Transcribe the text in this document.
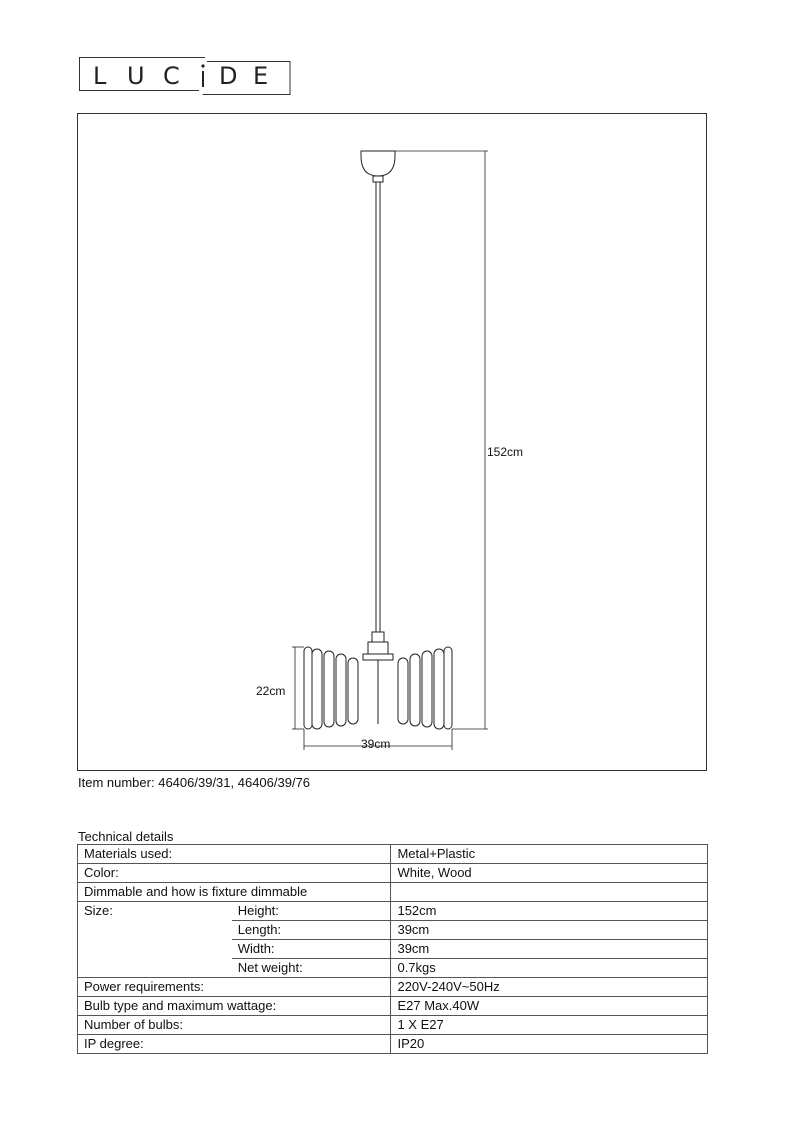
L U C D E
152cm
22cm
39cm
Item number: 46406/39/31, 46406/39/76
Technical details
Materials used:		Metal+Plastic
Color:		White, Wood
Dimmable and how is fixture dimmable		
Size:	Height:	152cm
	Length:	39cm
	Width:	39cm
	Net weight:	0.7kgs
Power requirements:		220V-240V~50Hz
Bulb type and maximum wattage:		E27 Max.40W
Number of bulbs:		1 X E27
IP degree:		IP20
